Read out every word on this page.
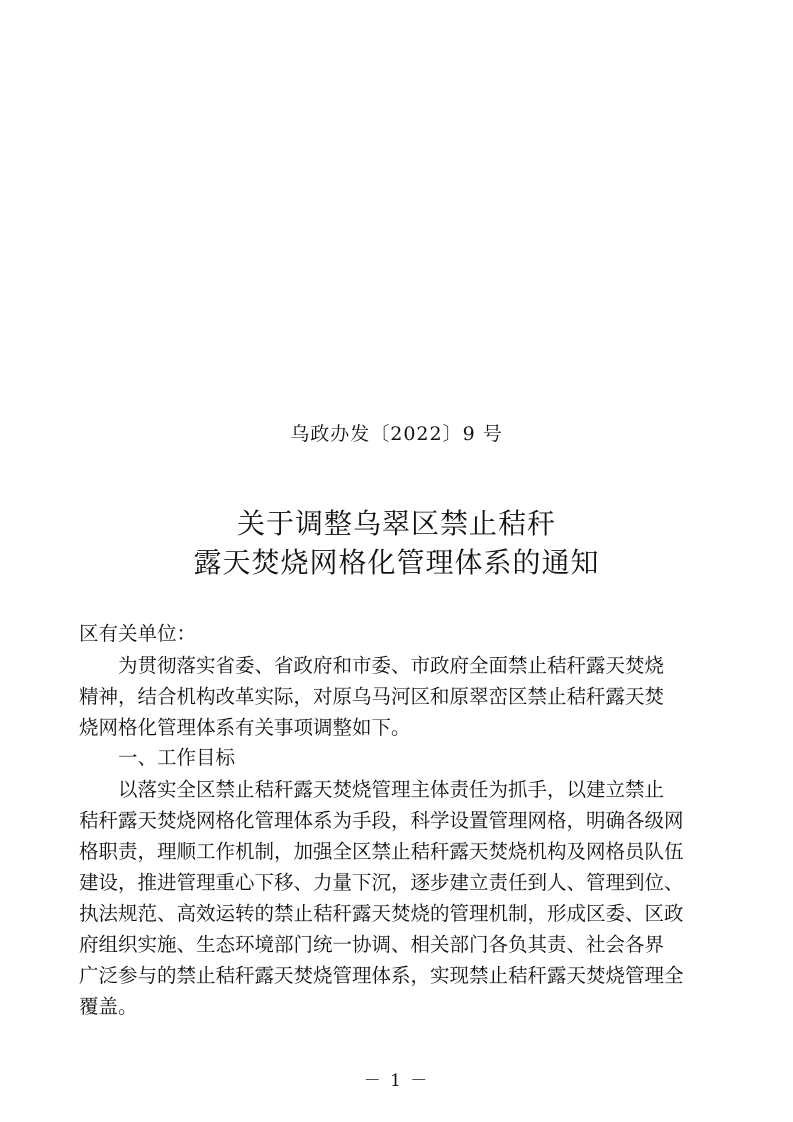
乌政办发〔2022〕9 号
关于调整乌翠区禁止秸秆
露天焚烧网格化管理体系的通知
区有关单位：
为贯彻落实省委、省政府和市委、市政府全面禁止秸秆露天焚烧
精神，结合机构改革实际，对原乌马河区和原翠峦区禁止秸秆露天焚
烧网格化管理体系有关事项调整如下。
一、工作目标
以落实全区禁止秸秆露天焚烧管理主体责任为抓手，以建立禁止
秸秆露天焚烧网格化管理体系为手段，科学设置管理网格，明确各级网
格职责，理顺工作机制，加强全区禁止秸秆露天焚烧机构及网格员队伍
建设，推进管理重心下移、力量下沉，逐步建立责任到人、管理到位、
执法规范、高效运转的禁止秸秆露天焚烧的管理机制，形成区委、区政
府组织实施、生态环境部门统一协调、相关部门各负其责、社会各界
广泛参与的禁止秸秆露天焚烧管理体系，实现禁止秸秆露天焚烧管理全
覆盖。
－ 1 －
